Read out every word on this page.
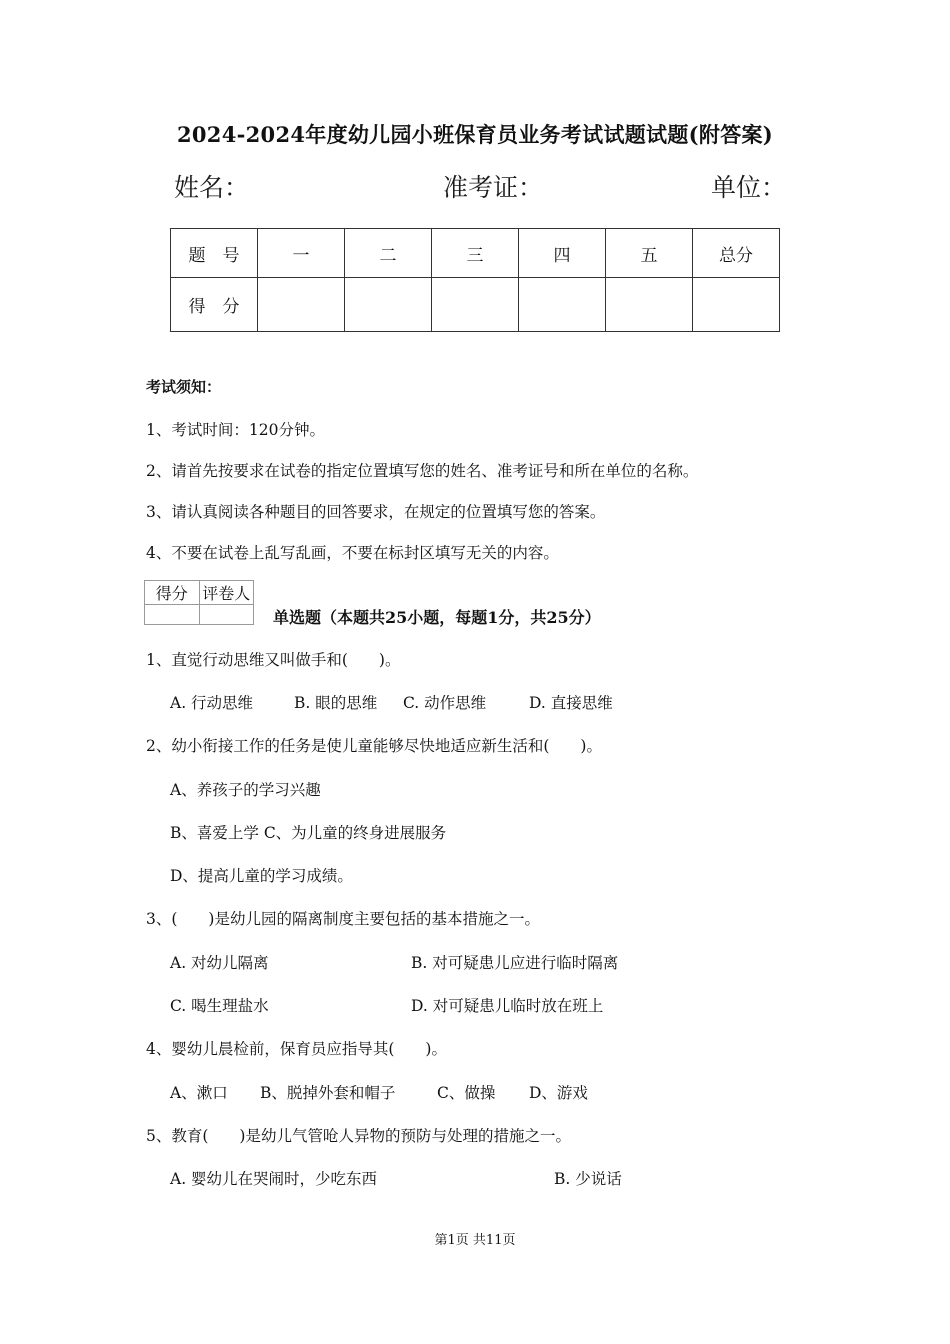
2024-2024年度幼儿园小班保育员业务考试试题试题(附答案)
姓名：	准考证：	单位：
题　号	一	二	三	四	五	总分
得　分						
考试须知：
1、考试时间：120分钟。
2、请首先按要求在试卷的指定位置填写您的姓名、准考证号和所在单位的名称。
3、请认真阅读各种题目的回答要求，在规定的位置填写您的答案。
4、不要在试卷上乱写乱画，不要在标封区填写无关的内容。
得分	评卷人

单选题（本题共25小题，每题1分，共25分）
1、直觉行动思维又叫做手和(　　)。
A. 行动思维	B. 眼的思维 C. 动作思维	D. 直接思维
2、幼小衔接工作的任务是使儿童能够尽快地适应新生活和(　　)。
A、养孩子的学习兴趣
B、喜爱上学 C、为儿童的终身进展服务
D、提高儿童的学习成绩。
3、(　　)是幼儿园的隔离制度主要包括的基本措施之一。
A. 对幼儿隔离	B. 对可疑患儿应进行临时隔离
C. 喝生理盐水	D. 对可疑患儿临时放在班上
4、婴幼儿晨检前，保育员应指导其(　　)。
A、漱口 B、脱掉外套和帽子	C、做操 D、游戏
5、教育(　　)是幼儿气管呛人异物的预防与处理的措施之一。
A. 婴幼儿在哭闹时，少吃东西	B. 少说话
第1页 共11页
